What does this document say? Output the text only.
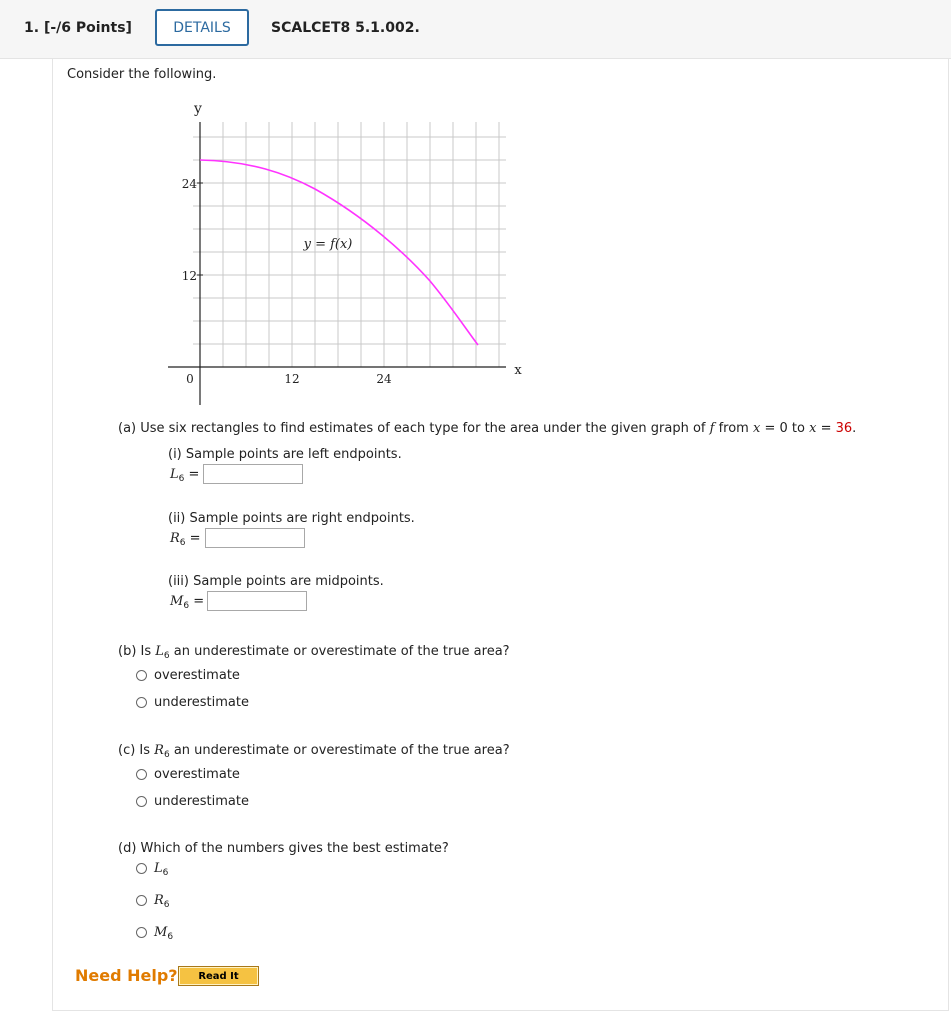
1. [-/6 Points]	DETAILS	SCALCET8 5.1.002.
Consider the following.
y
x
24
12
0	12	24
y = f(x)
(a) Use six rectangles to find estimates of each type for the area under the given graph of f from x = 0 to x = 36.
(i) Sample points are left endpoints.
$L_6$ =
(ii) Sample points are right endpoints.
$R_6$ =
(iii) Sample points are midpoints.
$M_6$ =
(b) Is $L_6$ an underestimate or overestimate of the true area?
overestimate
underestimate
(c) Is $R_6$ an underestimate or overestimate of the true area?
overestimate
underestimate
(d) Which of the numbers gives the best estimate?
$L_6$
$R_6$
$M_6$
Need Help?	Read It
